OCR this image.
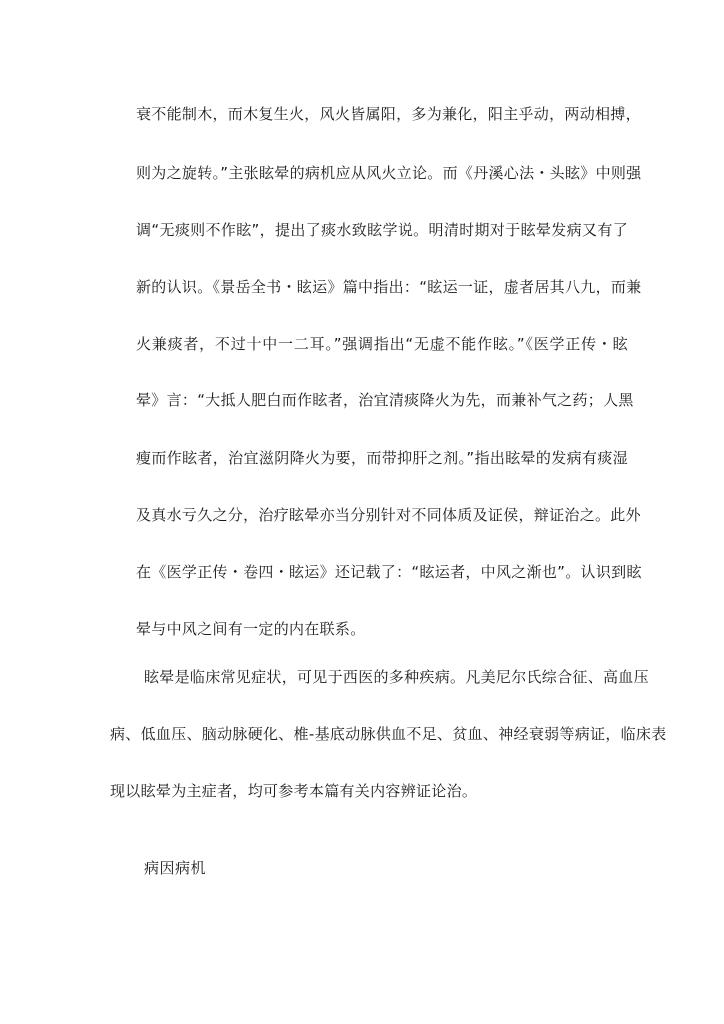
衰不能制木，而木复生火，风火皆属阳，多为兼化，阳主乎动，两动相搏，
则为之旋转。”主张眩晕的病机应从风火立论。而《丹溪心法・头眩》中则强
调“无痰则不作眩”，提出了痰水致眩学说。明清时期对于眩晕发病又有了
新的认识。《景岳全书・眩运》篇中指出：“眩运一证，虚者居其八九，而兼
火兼痰者，不过十中一二耳。”强调指出“无虚不能作眩。”《医学正传・眩
晕》言：“大抵人肥白而作眩者，治宜清痰降火为先，而兼补气之药；人黑
瘦而作眩者，治宜滋阴降火为要，而带抑肝之剂。”指出眩晕的发病有痰湿
及真水亏久之分，治疗眩晕亦当分别针对不同体质及证侯，辩证治之。此外
在《医学正传・卷四・眩运》还记载了：“眩运者，中风之渐也”。认识到眩
晕与中风之间有一定的内在联系。
眩晕是临床常见症状，可见于西医的多种疾病。凡美尼尔氏综合征、高血压
病、低血压、脑动脉硬化、椎-基底动脉供血不足、贫血、神经衰弱等病证，临床表
现以眩晕为主症者，均可参考本篇有关内容辨证论治。
病因病机
